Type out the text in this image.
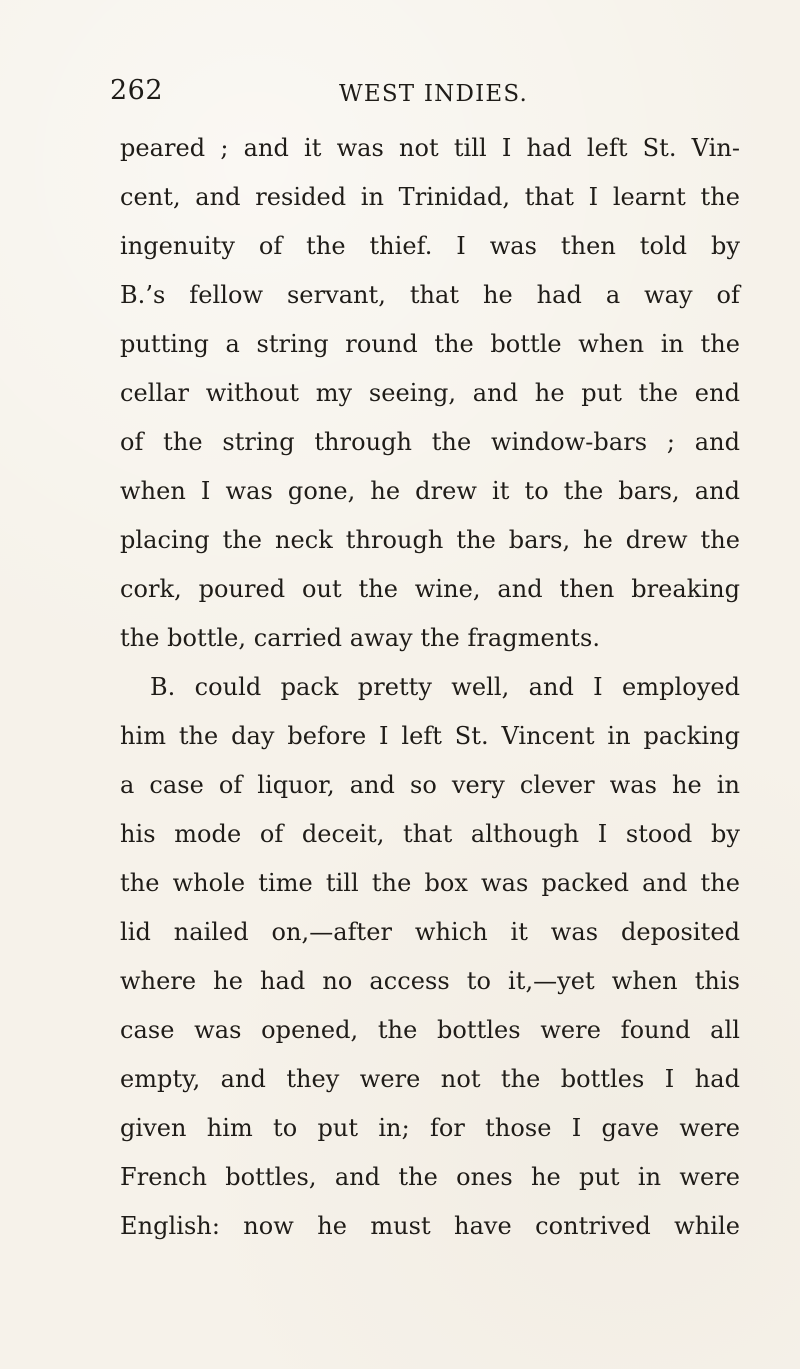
262	WEST INDIES.
peared ; and it was not till I had left St. Vin-
cent, and resided in Trinidad, that I learnt the
ingenuity of the thief. I was then told by
B.’s fellow servant, that he had a way of
putting a string round the bottle when in the
cellar without my seeing, and he put the end
of the string through the window-bars ; and
when I was gone, he drew it to the bars, and
placing the neck through the bars, he drew the
cork, poured out the wine, and then breaking
the bottle, carried away the fragments.
B. could pack pretty well, and I employed
him the day before I left St. Vincent in packing
a case of liquor, and so very clever was he in
his mode of deceit, that although I stood by
the whole time till the box was packed and the
lid nailed on,—after which it was deposited
where he had no access to it,—yet when this
case was opened, the bottles were found all
empty, and they were not the bottles I had
given him to put in; for those I gave were
French bottles, and the ones he put in were
English: now he must have contrived while
